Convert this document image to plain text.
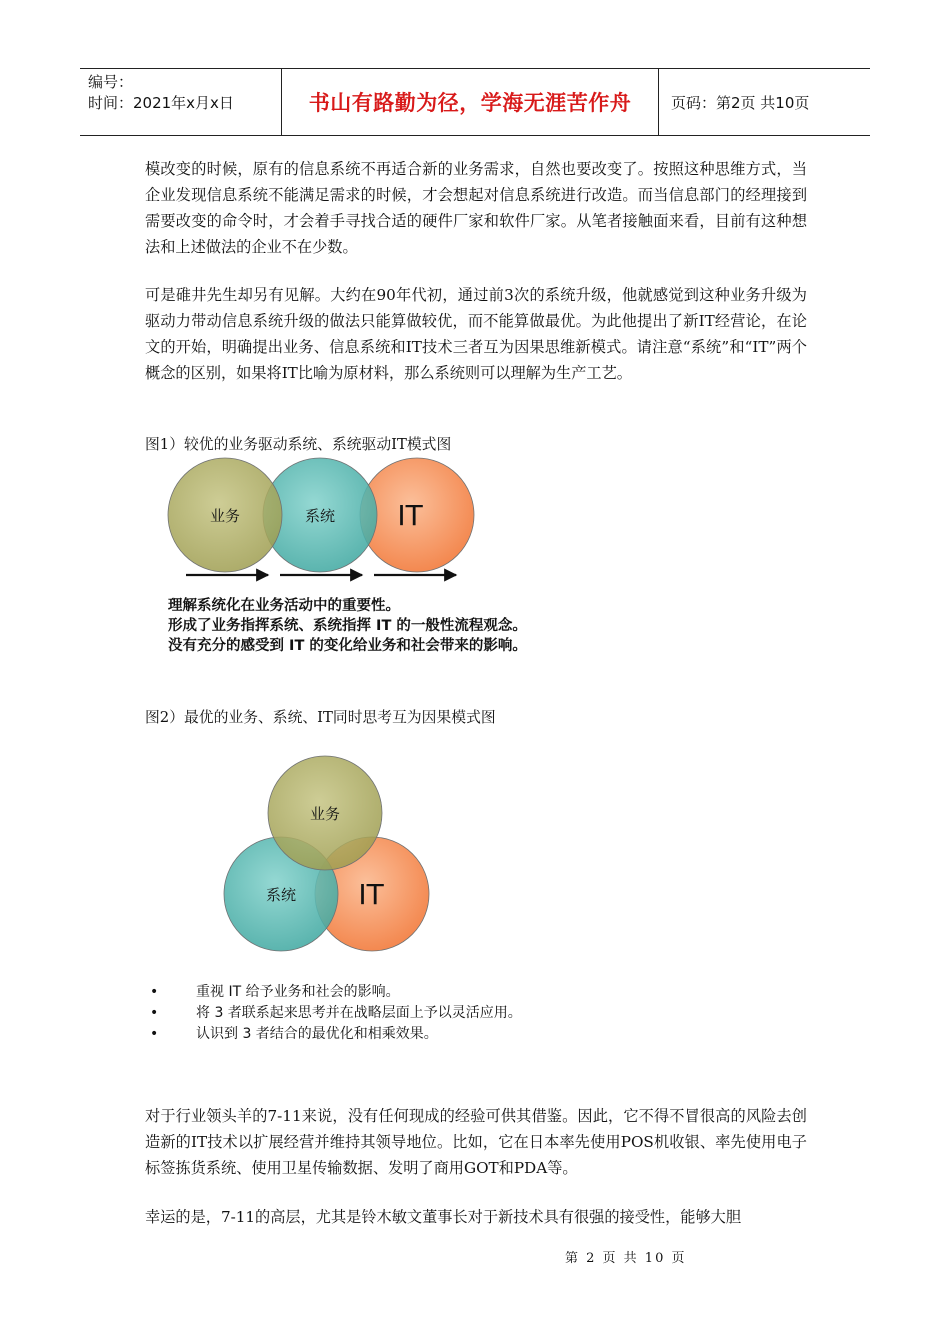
编号：
时间：2021年x月x日	书山有路勤为径，学海无涯苦作舟	页码：第2页 共10页

模改变的时候，原有的信息系统不再适合新的业务需求，自然也要改变了。按照这种思维方式，当企业发现信息系统不能满足需求的时候，才会想起对信息系统进行改造。而当信息部门的经理接到需要改变的命令时，才会着手寻找合适的硬件厂家和软件厂家。从笔者接触面来看，目前有这种想法和上述做法的企业不在少数。

可是碓井先生却另有见解。大约在90年代初，通过前3次的系统升级，他就感觉到这种业务升级为驱动力带动信息系统升级的做法只能算做较优，而不能算做最优。为此他提出了新IT经营论，在论文的开始，明确提出业务、信息系统和IT技术三者互为因果思维新模式。请注意“系统”和“IT”两个概念的区别，如果将IT比喻为原材料，那么系统则可以理解为生产工艺。

图1）较优的业务驱动系统、系统驱动IT模式图

业务	系统 IT
理解系统化在业务活动中的重要性。
形成了业务指挥系统、系统指挥 IT 的一般性流程观念。
没有充分的感受到 IT 的变化给业务和社会带来的影响。

图2）最优的业务、系统、IT同时思考互为因果模式图

业务
系统 IT
•	重视 IT 给予业务和社会的影响。
•	将 3 者联系起来思考并在战略层面上予以灵活应用。
•	认识到 3 者结合的最优化和相乘效果。

对于行业领头羊的7-11来说，没有任何现成的经验可供其借鉴。因此，它不得不冒很高的风险去创造新的IT技术以扩展经营并维持其领导地位。比如，它在日本率先使用POS机收银、率先使用电子标签拣货系统、使用卫星传输数据、发明了商用GOT和PDA等。

幸运的是，7-11的高层，尤其是铃木敏文董事长对于新技术具有很强的接受性，能够大胆

第 2 页 共 10 页
